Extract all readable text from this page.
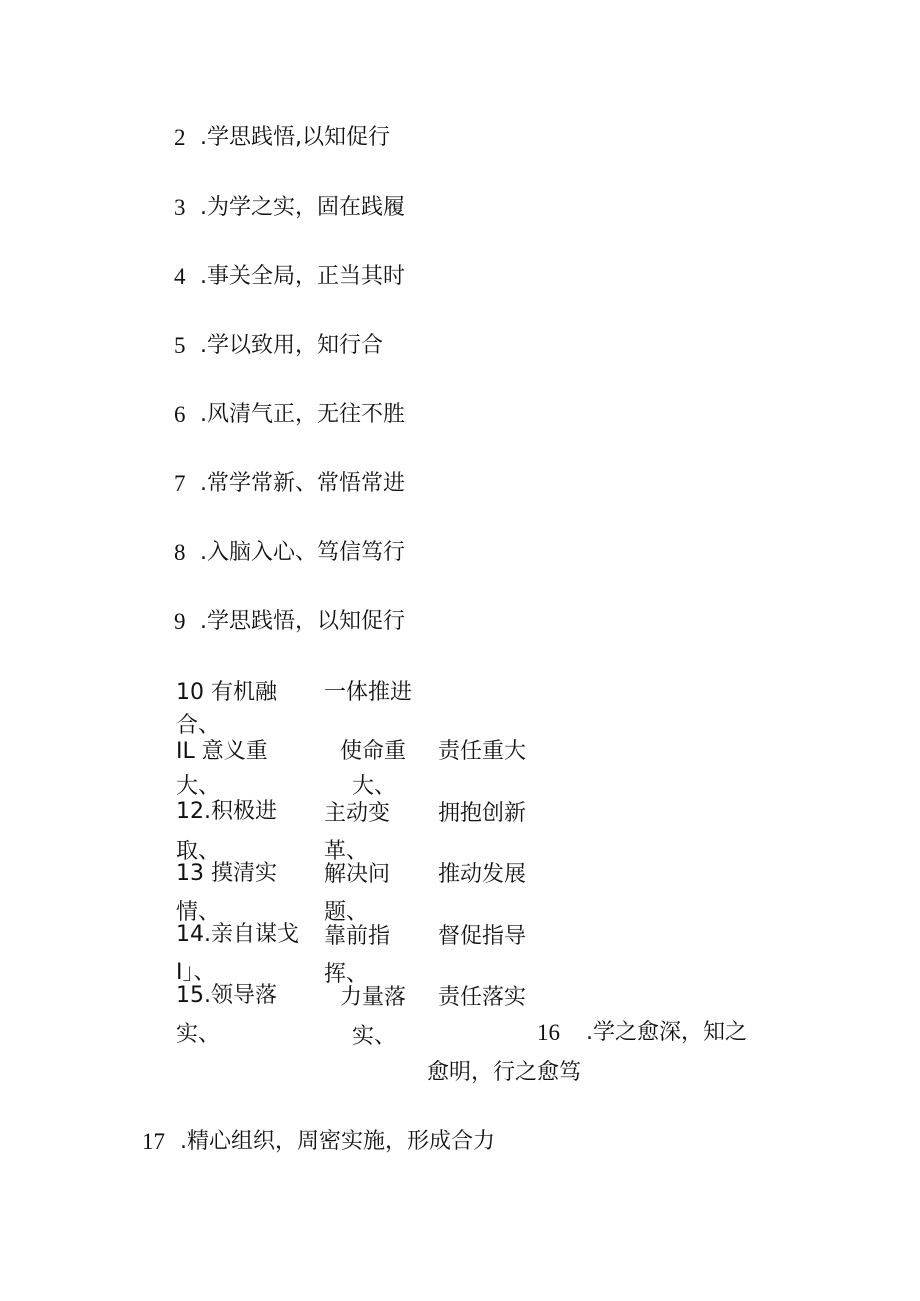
2 .学思践悟,以知促行
3 .为学之实，固在践履
4 .事关全局，正当其时
5 .学以致用，知行合
6 .风清气正，无往不胜
7 .常学常新、常悟常进
8 .入脑入心、笃信笃行
9 .学思践悟，以知促行
10 有机融
合、
一体推进
IL 意义重
大、
使命重
大、
责任重大
12.积极进
取、
主动变
革、
拥抱创新
13 摸清实
情、
解决问
题、
推动发展
14.亲自谋戈
I」、
靠前指
挥、
督促指导
15.领导落
实、
力量落
实、
责任落实
16 .学之愈深，知之
愈明，行之愈笃
17 .精心组织，周密实施，形成合力
